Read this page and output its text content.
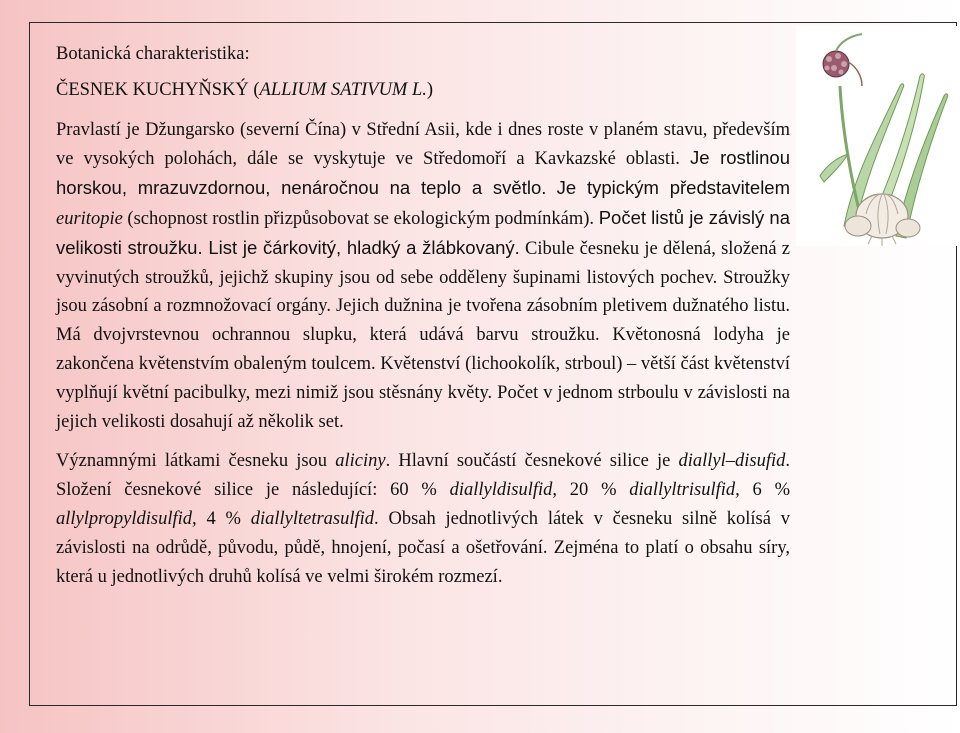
Botanická charakteristika:

ČESNEK KUCHYŇSKÝ (ALLIUM SATIVUM L.)

Pravlastí je Džungarsko (severní Čína) v Střední Asii, kde i dnes roste v planém stavu, především ve vysokých polohách, dále se vyskytuje ve Středomoří a Kavkazské oblasti. Je rostlinou horskou, mrazuvzdornou, nenáročnou na teplo a světlo. Je typickým představitelem euritopie (schopnost rostlin přizpůsobovat se ekologickým podmínkám). Počet listů je závislý na velikosti stroužku. List je čárkovitý, hladký a žlábkovaný. Cibule česneku je dělená, složená z vyvinutých stroužků, jejichž skupiny jsou od sebe odděleny šupinami listových pochev. Stroužky jsou zásobní a rozmnožovací orgány. Jejich dužnina je tvořena zásobním pletivem dužnatého listu. Má dvojvrstevnou ochrannou slupku, která udává barvu stroužku. Květonosná lodyha je zakončena květenstvím obaleným toulcem. Květenství (lichookolík, strboul) – větší část květenství vyplňují květní pacibulky, mezi nimiž jsou stěsnány květy. Počet v jednom strboulu v závislosti na jejich velikosti dosahují až několik set.

Významnými látkami česneku jsou aliciny. Hlavní součástí česnekové silice je diallyl–disufid. Složení česnekové silice je následující: 60 % diallyldisulfid, 20 % diallyltrisulfid, 6 % allylpropyldisulfid, 4 % diallyltetrasulfid. Obsah jednotlivých látek v česneku silně kolísá v závislosti na odrůdě, původu, půdě, hnojení, počasí a ošetřování. Zejména to platí o obsahu síry, která u jednotlivých druhů kolísá ve velmi širokém rozmezí.
